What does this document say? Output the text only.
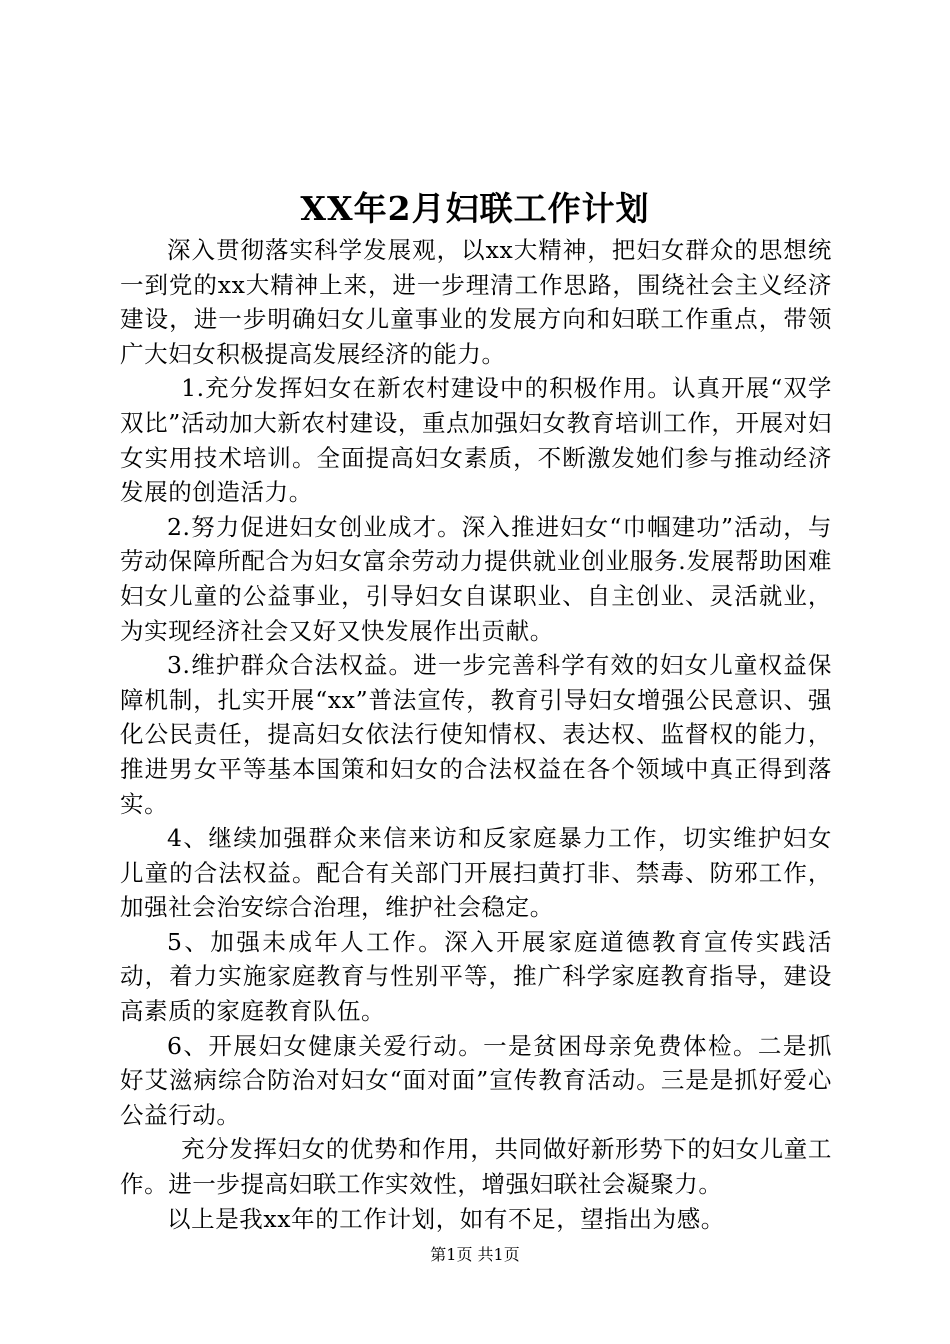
XX年2月妇联工作计划

深入贯彻落实科学发展观，以xx大精神，把妇女群众的思想统一到党的xx大精神上来，进一步理清工作思路，围绕社会主义经济建设，进一步明确妇女儿童事业的发展方向和妇联工作重点，带领广大妇女积极提高发展经济的能力。

1.充分发挥妇女在新农村建设中的积极作用。认真开展“双学双比”活动加大新农村建设，重点加强妇女教育培训工作，开展对妇女实用技术培训。全面提高妇女素质，不断激发她们参与推动经济发展的创造活力。

2.努力促进妇女创业成才。深入推进妇女“巾帼建功”活动，与劳动保障所配合为妇女富余劳动力提供就业创业服务.发展帮助困难妇女儿童的公益事业，引导妇女自谋职业、自主创业、灵活就业，为实现经济社会又好又快发展作出贡献。

3.维护群众合法权益。进一步完善科学有效的妇女儿童权益保障机制，扎实开展“xx”普法宣传，教育引导妇女增强公民意识、强化公民责任，提高妇女依法行使知情权、表达权、监督权的能力，推进男女平等基本国策和妇女的合法权益在各个领域中真正得到落实。

4、继续加强群众来信来访和反家庭暴力工作，切实维护妇女儿童的合法权益。配合有关部门开展扫黄打非、禁毒、防邪工作，加强社会治安综合治理，维护社会稳定。

5、加强未成年人工作。深入开展家庭道德教育宣传实践活动，着力实施家庭教育与性别平等，推广科学家庭教育指导，建设高素质的家庭教育队伍。

6、开展妇女健康关爱行动。一是贫困母亲免费体检。二是抓好艾滋病综合防治对妇女“面对面”宣传教育活动。三是是抓好爱心公益行动。

充分发挥妇女的优势和作用，共同做好新形势下的妇女儿童工作。进一步提高妇联工作实效性，增强妇联社会凝聚力。

以上是我xx年的工作计划，如有不足，望指出为感。

第1页 共1页
